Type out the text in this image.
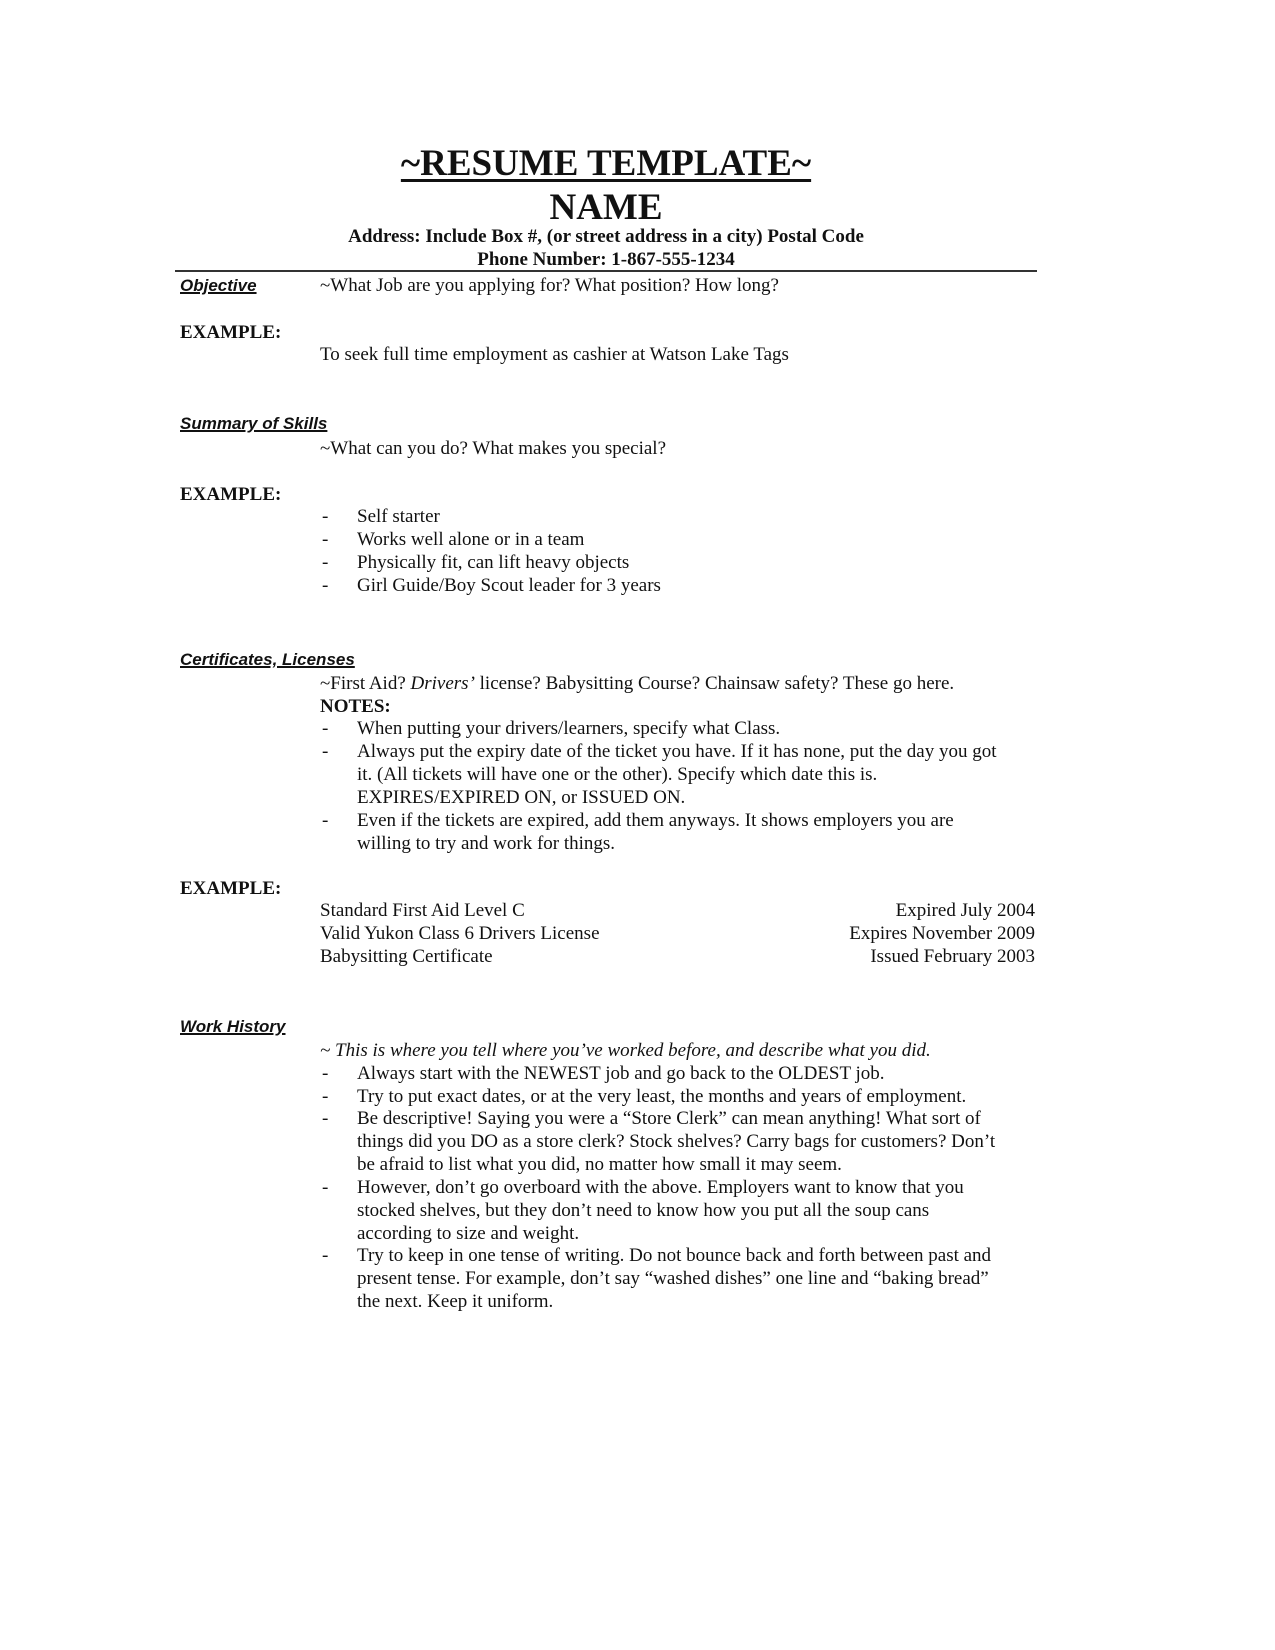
~RESUME TEMPLATE~
NAME
Address: Include Box #, (or street address in a city) Postal Code
Phone Number: 1-867-555-1234
Objective	~What Job are you applying for? What position? How long?
EXAMPLE:
To seek full time employment as cashier at Watson Lake Tags
Summary of Skills
~What can you do? What makes you special?
EXAMPLE:
- Self starter
- Works well alone or in a team
- Physically fit, can lift heavy objects
- Girl Guide/Boy Scout leader for 3 years
Certificates, Licenses
~First Aid? Drivers’ license? Babysitting Course? Chainsaw safety? These go here.
NOTES:
- When putting your drivers/learners, specify what Class.
- Always put the expiry date of the ticket you have. If it has none, put the day you got
it. (All tickets will have one or the other). Specify which date this is.
EXPIRES/EXPIRED ON, or ISSUED ON.
- Even if the tickets are expired, add them anyways. It shows employers you are
willing to try and work for things.
EXAMPLE:
Standard First Aid Level C	Expired July 2004
Valid Yukon Class 6 Drivers License	Expires November 2009
Babysitting Certificate	Issued February 2003
Work History
~ This is where you tell where you’ve worked before, and describe what you did.
- Always start with the NEWEST job and go back to the OLDEST job.
- Try to put exact dates, or at the very least, the months and years of employment.
- Be descriptive! Saying you were a “Store Clerk” can mean anything! What sort of
things did you DO as a store clerk? Stock shelves? Carry bags for customers? Don’t
be afraid to list what you did, no matter how small it may seem.
- However, don’t go overboard with the above. Employers want to know that you
stocked shelves, but they don’t need to know how you put all the soup cans
according to size and weight.
- Try to keep in one tense of writing. Do not bounce back and forth between past and
present tense. For example, don’t say “washed dishes” one line and “baking bread”
the next. Keep it uniform.
